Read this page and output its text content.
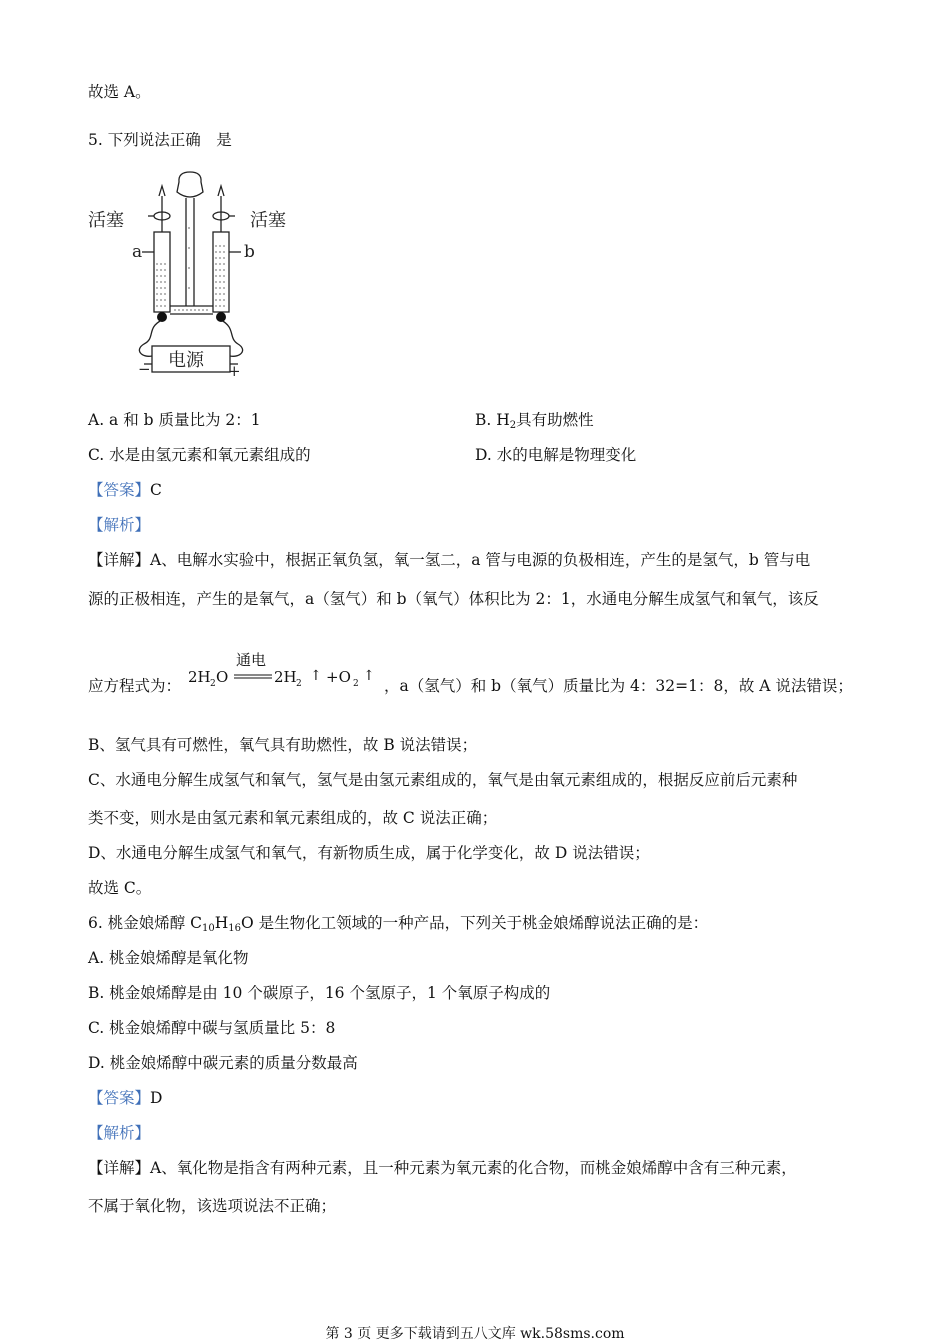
故选 A。
5. 下列说法正确　是
活塞	活塞
a	b
电源
−	+
A. a 和 b 质量比为 2：1	B. $H_2$具有助燃性
C. 水是由氢元素和氧元素组成的	D. 水的电解是物理变化
【答案】C
【解析】
【详解】A、电解水实验中，根据正氧负氢，氧一氢二，a 管与电源的负极相连，产生的是氢气，b 管与电
源的正极相连，产生的是氧气，a（氢气）和 b（氧气）体积比为 2：1，水通电分解生成氢气和氧气，该反
应方程式为： 2H 2 O
通电
2H 2 ↑ +O 2 ↑
，a（氢气）和 b（氧气）质量比为 4：32=1：8，故 A 说法错误；
B、氢气具有可燃性，氧气具有助燃性，故 B 说法错误；
C、水通电分解生成氢气和氧气，氢气是由氢元素组成的，氧气是由氧元素组成的，根据反应前后元素种
类不变，则水是由氢元素和氧元素组成的，故 C 说法正确；
D、水通电分解生成氢气和氧气，有新物质生成，属于化学变化，故 D 说法错误；
故选 C。
6. 桃金娘烯醇 $C_{10}H_{16}O$ 是生物化工领域的一种产品，下列关于桃金娘烯醇说法正确的是：
A. 桃金娘烯醇是氧化物
B. 桃金娘烯醇是由 10 个碳原子，16 个氢原子，1 个氧原子构成的
C. 桃金娘烯醇中碳与氢质量比 5：8
D. 桃金娘烯醇中碳元素的质量分数最高
【答案】D
【解析】
【详解】A、氧化物是指含有两种元素，且一种元素为氧元素的化合物，而桃金娘烯醇中含有三种元素，
不属于氧化物，该选项说法不正确；
第 3 页 更多下载请到五八文库 wk.58sms.com
